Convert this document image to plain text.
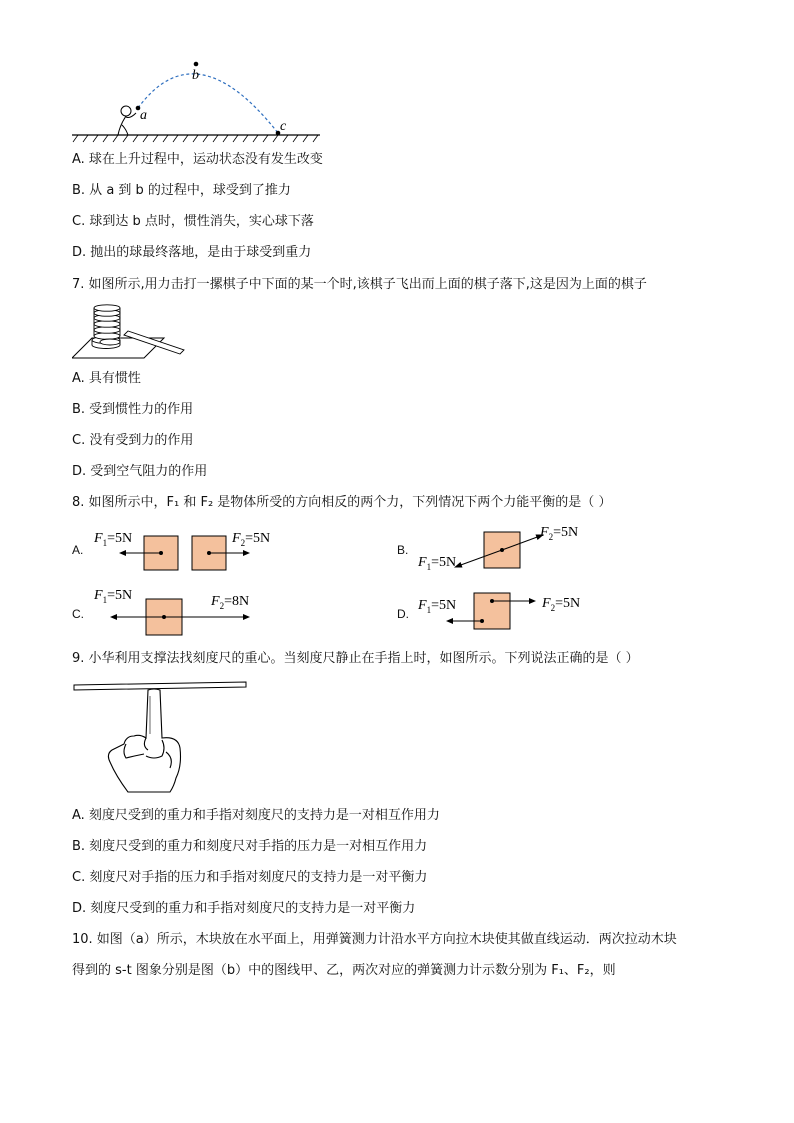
a
b
c
A. 球在上升过程中，运动状态没有发生改变
B. 从 a 到 b 的过程中，球受到了推力
C. 球到达 b 点时，惯性消失，实心球下落
D. 抛出的球最终落地，是由于球受到重力
7. 如图所示,用力击打一摞棋子中下面的某一个时,该棋子飞出而上面的棋子落下,这是因为上面的棋子
A. 具有惯性
B. 受到惯性力的作用
C. 没有受到力的作用
D. 受到空气阻力的作用
8. 如图所示中，F₁ 和 F₂ 是物体所受的方向相反的两个力，下列情况下两个力能平衡的是（ ）
A.
$F_1=5N$	$F_2=5N$
B.
$F_2=5N$
$F_1=5N$
C.
$F_1=5N$	$F_2=8N$
D.
$F_1=5N$	$F_2=5N$
9. 小华利用支撑法找刻度尺的重心。当刻度尺静止在手指上时，如图所示。下列说法正确的是（ ）
A. 刻度尺受到的重力和手指对刻度尺的支持力是一对相互作用力
B. 刻度尺受到的重力和刻度尺对手指的压力是一对相互作用力
C. 刻度尺对手指的压力和手指对刻度尺的支持力是一对平衡力
D. 刻度尺受到的重力和手指对刻度尺的支持力是一对平衡力
10. 如图（a）所示，木块放在水平面上，用弹簧测力计沿水平方向拉木块使其做直线运动．两次拉动木块
得到的 s-t 图象分别是图（b）中的图线甲、乙，两次对应的弹簧测力计示数分别为 F₁、F₂，则
